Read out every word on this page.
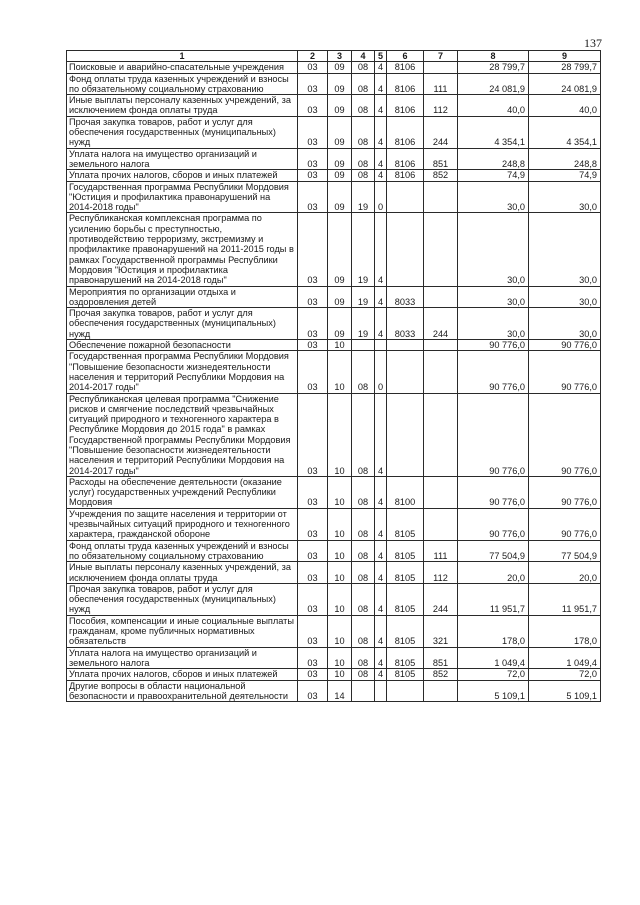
137
1	2	3	4	5	6	7	8	9
Поисковые и аварийно-спасательные учреждения	03	09	08	4	8106		28 799,7	28 799,7
Фонд оплаты труда казенных учреждений и взносы по обязательному социальному страхованию	03	09	08	4	8106	111	24 081,9	24 081,9
Иные выплаты персоналу казенных учреждений, за исключением фонда оплаты труда	03	09	08	4	8106	112	40,0	40,0
Прочая закупка товаров, работ и услуг для обеспечения государственных (муниципальных) нужд	03	09	08	4	8106	244	4 354,1	4 354,1
Уплата налога на имущество организаций и земельного налога	03	09	08	4	8106	851	248,8	248,8
Уплата прочих налогов, сборов и иных платежей	03	09	08	4	8106	852	74,9	74,9
Государственная программа Республики Мордовия "Юстиция и профилактика правонарушений на 2014-2018 годы"	03	09	19	0			30,0	30,0
Республиканская комплексная программа по усилению борьбы с преступностью, противодействию терроризму, экстремизму и профилактике правонарушений на 2011-2015 годы в рамках Государственной программы Республики Мордовия "Юстиция и профилактика правонарушений на 2014-2018 годы"	03	09	19	4			30,0	30,0
Мероприятия по организации отдыха и оздоровления детей	03	09	19	4	8033		30,0	30,0
Прочая закупка товаров, работ и услуг для обеспечения государственных (муниципальных) нужд	03	09	19	4	8033	244	30,0	30,0
Обеспечение пожарной безопасности	03	10					90 776,0	90 776,0
Государственная программа Республики Мордовия "Повышение безопасности жизнедеятельности населения и территорий Республики Мордовия на 2014-2017 годы"	03	10	08	0			90 776,0	90 776,0
Республиканская целевая программа "Снижение рисков и смягчение последствий чрезвычайных ситуаций природного и техногенного характера в Республике Мордовия до 2015 года" в рамках Государственной программы Республики Мордовия "Повышение безопасности жизнедеятельности населения и территорий Республики Мордовия на 2014-2017 годы"	03	10	08	4			90 776,0	90 776,0
Расходы на обеспечение деятельности (оказание услуг) государственных учреждений Республики Мордовия	03	10	08	4	8100		90 776,0	90 776,0
Учреждения по защите населения и территории от чрезвычайных ситуаций природного и техногенного характера, гражданской обороне	03	10	08	4	8105		90 776,0	90 776,0
Фонд оплаты труда казенных учреждений и взносы по обязательному социальному страхованию	03	10	08	4	8105	111	77 504,9	77 504,9
Иные выплаты персоналу казенных учреждений, за исключением фонда оплаты труда	03	10	08	4	8105	112	20,0	20,0
Прочая закупка товаров, работ и услуг для обеспечения государственных (муниципальных) нужд	03	10	08	4	8105	244	11 951,7	11 951,7
Пособия, компенсации и иные социальные выплаты гражданам, кроме публичных нормативных обязательств	03	10	08	4	8105	321	178,0	178,0
Уплата налога на имущество организаций и земельного налога	03	10	08	4	8105	851	1 049,4	1 049,4
Уплата прочих налогов, сборов и иных платежей	03	10	08	4	8105	852	72,0	72,0
Другие вопросы в области национальной безопасности и правоохранительной деятельности	03	14					5 109,1	5 109,1
